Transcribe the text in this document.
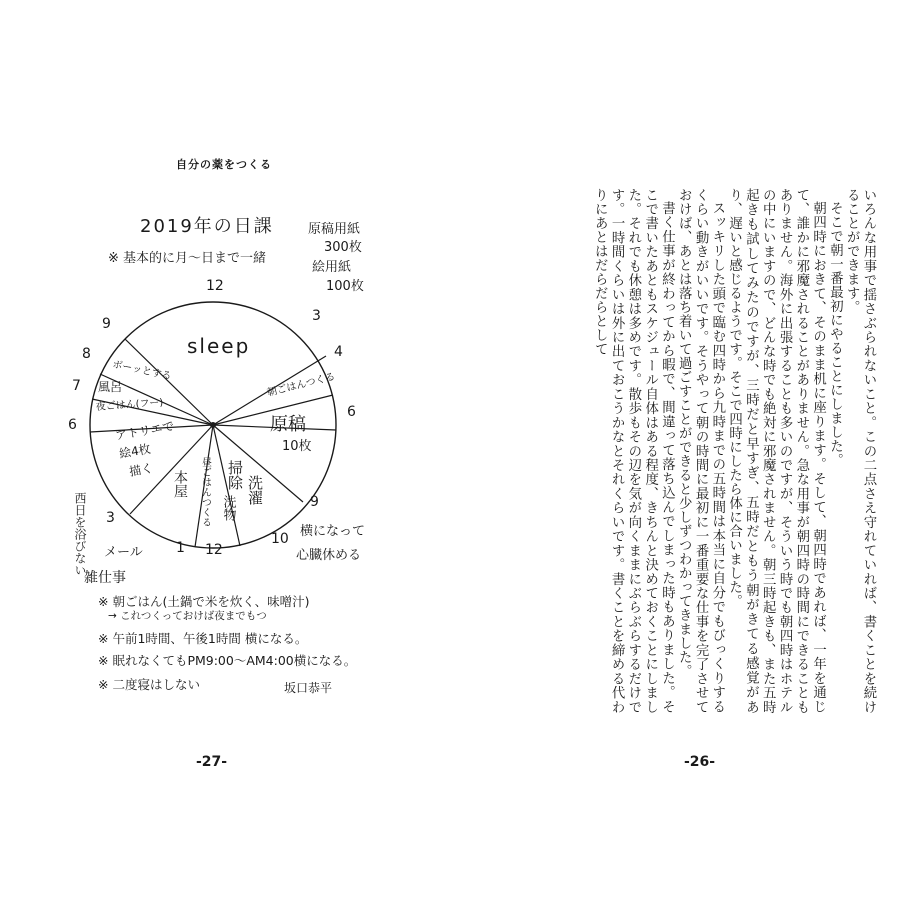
自分の薬をつくる
2019年の日課
※ 基本的に月〜日まで一緒
原稿用紙
300枚
絵用紙
100枚
12
3
4
6
9
10
12
1
3
6
7
8
9
sleep
朝ごはんつくる
原稿
10枚
横になって
心臓休める
掃除 洗濯
洗物
昼ごはんつくる
本屋
アトリエで
絵4枚
描く
夜ごはん(フー)
風呂
ボーッとする
西日を浴びない メール
雑仕事
※ 朝ごはん(土鍋で米を炊く、味噌汁)
→ これつくっておけば夜までもつ
※ 午前1時間、午後1時間 横になる。
※ 眠れなくてもPM9:00〜AM4:00横になる。
※ 二度寝はしない	坂口恭平
-27-

いろんな用事で揺さぶられないこと。この二点さえ守れていれば、書くことを続けることができます。

そこで朝一番最初にやることにしました。

朝四時におきて、そのまま机に座ります。そして、朝四時であれば、一年を通じて、誰かに邪魔されることがありません。急な用事が朝四時の時間にできることもありません。海外に出張することも多いのですが、そういう時でも朝四時はホテルの中にいますので、どんな時でも絶対に邪魔されません。朝三時起きも、また五時起きも試してみたのですが、三時だと早すぎ、五時だともう朝がきてる感覚があり、遅いと感じるようです。そこで四時にしたら体に合いました。

スッキリした頭で臨む四時から九時までの五時間は本当に自分でもびっくりするくらい動きがいいです。そうやって朝の時間に最初に一番重要な仕事を完了させておけば、あとは落ち着いて過ごすことができると少しずつわかってきました。

書く仕事が終わってから暇で、間違って落ち込んでしまった時もありました。そこで書いたあともスケジュール自体はある程度、きちんと決めておくことにしました。それでも休憩は多めです。散歩もその辺を気が向くままにぶらぶらするだけです。一時間くらいは外に出ておこうかなとそれくらいです。書くことを締める代わりにあとはだらだらとして

-26-
